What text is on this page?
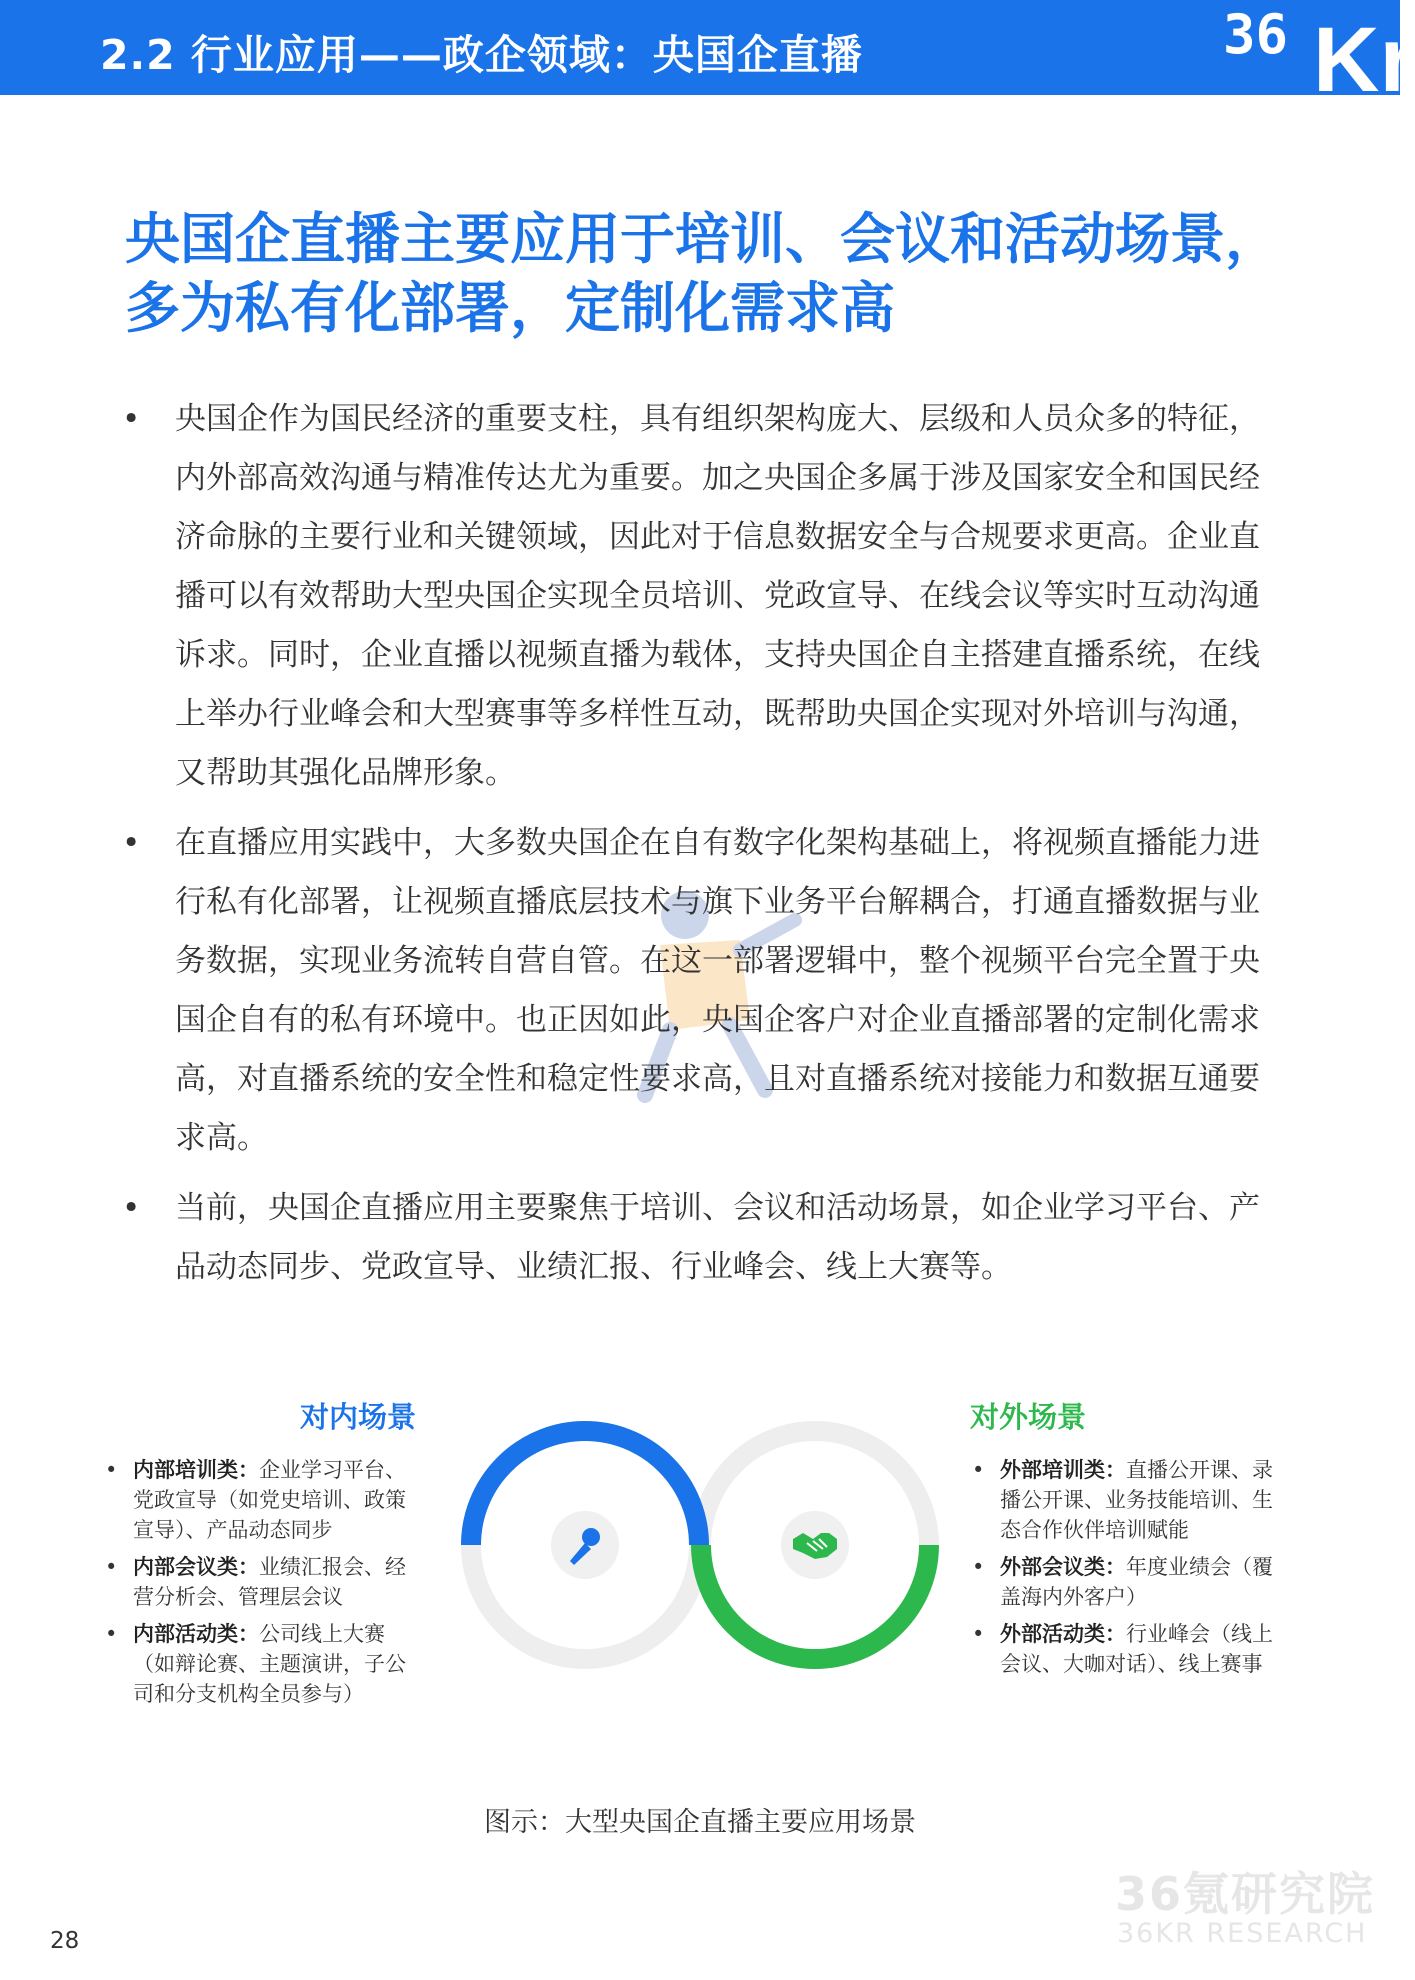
2.2 行业应用——政企领域：央国企直播	36 Kr
央国企直播主要应用于培训、会议和活动场景，
多为私有化部署，定制化需求高
• 央国企作为国民经济的重要支柱，具有组织架构庞大、层级和人员众多的特征，内外部高效沟通与精准传达尤为重要。加之央国企多属于涉及国家安全和国民经济命脉的主要行业和关键领域，因此对于信息数据安全与合规要求更高。企业直播可以有效帮助大型央国企实现全员培训、党政宣导、在线会议等实时互动沟通诉求。同时，企业直播以视频直播为载体，支持央国企自主搭建直播系统，在线上举办行业峰会和大型赛事等多样性互动，既帮助央国企实现对外培训与沟通，又帮助其强化品牌形象。
• 在直播应用实践中，大多数央国企在自有数字化架构基础上，将视频直播能力进行私有化部署，让视频直播底层技术与旗下业务平台解耦合，打通直播数据与业务数据，实现业务流转自营自管。在这一部署逻辑中，整个视频平台完全置于央国企自有的私有环境中。也正因如此，央国企客户对企业直播部署的定制化需求高，对直播系统的安全性和稳定性要求高，且对直播系统对接能力和数据互通要求高。
• 当前，央国企直播应用主要聚焦于培训、会议和活动场景，如企业学习平台、产品动态同步、党政宣导、业绩汇报、行业峰会、线上大赛等。
对内场景
• 内部培训类：企业学习平台、党政宣导（如党史培训、政策宣导）、产品动态同步
• 内部会议类：业绩汇报会、经营分析会、管理层会议
• 内部活动类：公司线上大赛（如辩论赛、主题演讲，子公司和分支机构全员参与）
对外场景
• 外部培训类：直播公开课、录播公开课、业务技能培训、生态合作伙伴培训赋能
• 外部会议类：年度业绩会（覆盖海内外客户）
• 外部活动类：行业峰会（线上会议、大咖对话）、线上赛事
图示：大型央国企直播主要应用场景
36氪研究院
36KR RESEARCH
28
